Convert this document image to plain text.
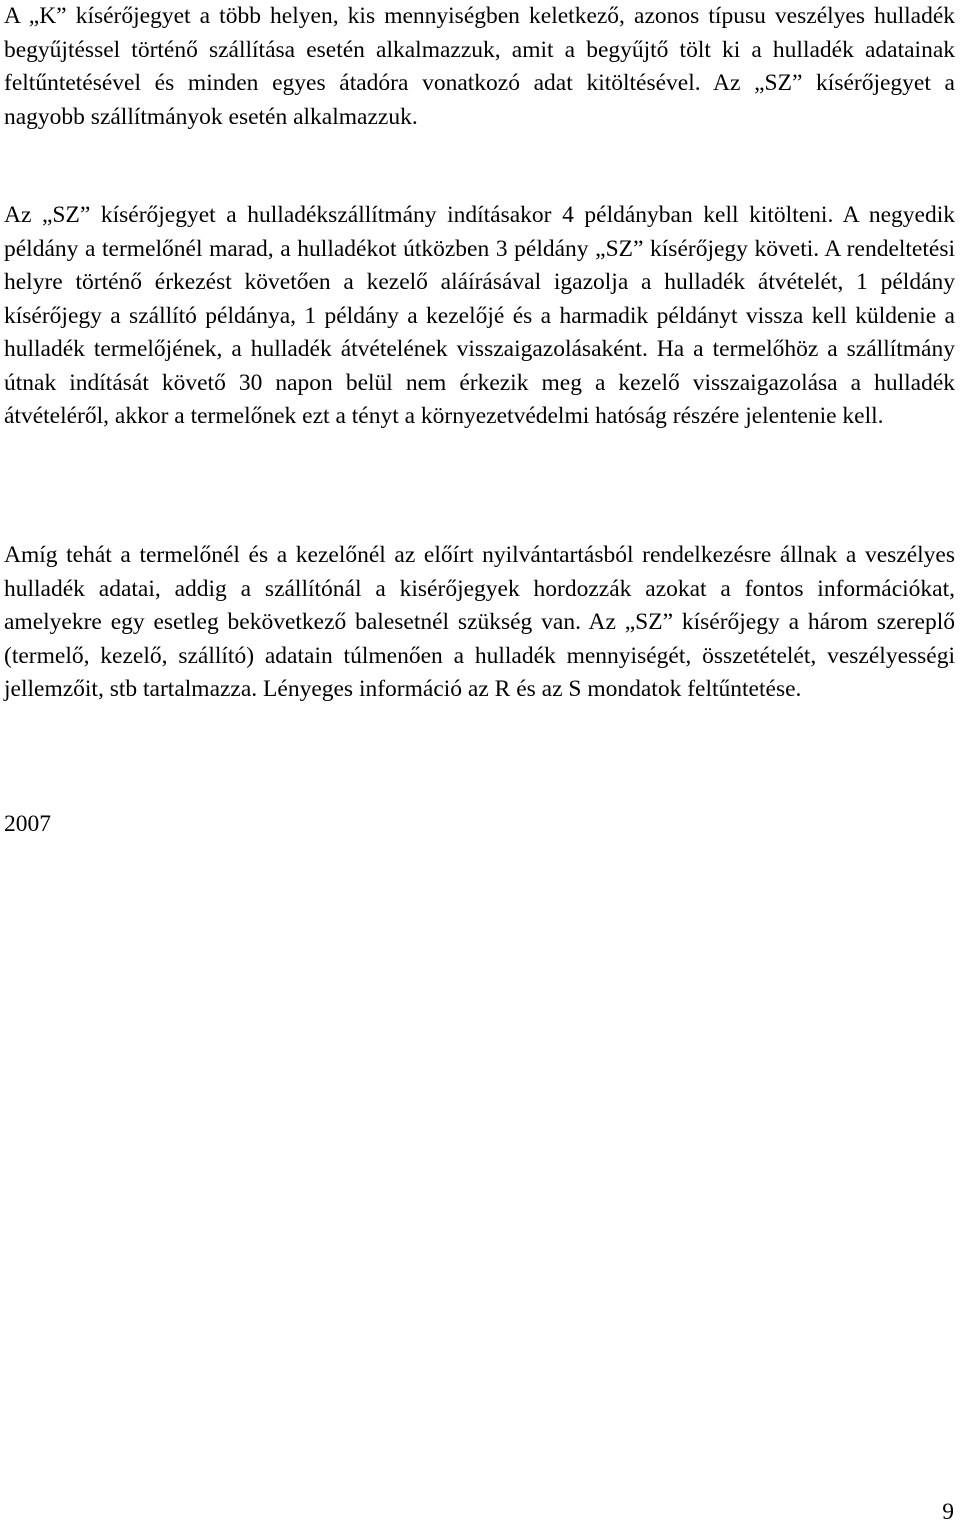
A „K” kísérőjegyet a több helyen, kis mennyiségben keletkező, azonos típusu veszélyes hulladék begyűjtéssel történő szállítása esetén alkalmazzuk, amit a begyűjtő tölt ki a hulladék adatainak feltűntetésével és minden egyes átadóra vonatkozó adat kitöltésével. Az „SZ” kísérőjegyet a nagyobb szállítmányok esetén alkalmazzuk.

Az „SZ” kísérőjegyet a hulladékszállítmány indításakor 4 példányban kell kitölteni. A negyedik példány a termelőnél marad, a hulladékot útközben 3 példány „SZ” kísérőjegy követi. A rendeltetési helyre történő érkezést követően a kezelő aláírásával igazolja a hulladék átvételét, 1 példány kísérőjegy a szállító példánya, 1 példány a kezelőjé és a harmadik példányt vissza kell küldenie a hulladék termelőjének, a hulladék átvételének visszaigazolásaként. Ha a termelőhöz a szállítmány útnak indítását követő 30 napon belül nem érkezik meg a kezelő visszaigazolása a hulladék átvételéről, akkor a termelőnek ezt a tényt a környezetvédelmi hatóság részére jelentenie kell.

Amíg tehát a termelőnél és a kezelőnél az előírt nyilvántartásból rendelkezésre állnak a veszélyes hulladék adatai, addig a szállítónál a kisérőjegyek hordozzák azokat a fontos információkat, amelyekre egy esetleg bekövetkező balesetnél szükség van. Az „SZ” kísérőjegy a három szereplő (termelő, kezelő, szállító) adatain túlmenően a hulladék mennyiségét, összetételét, veszélyességi jellemzőit, stb tartalmazza. Lényeges információ az R és az S mondatok feltűntetése.

2007

9
